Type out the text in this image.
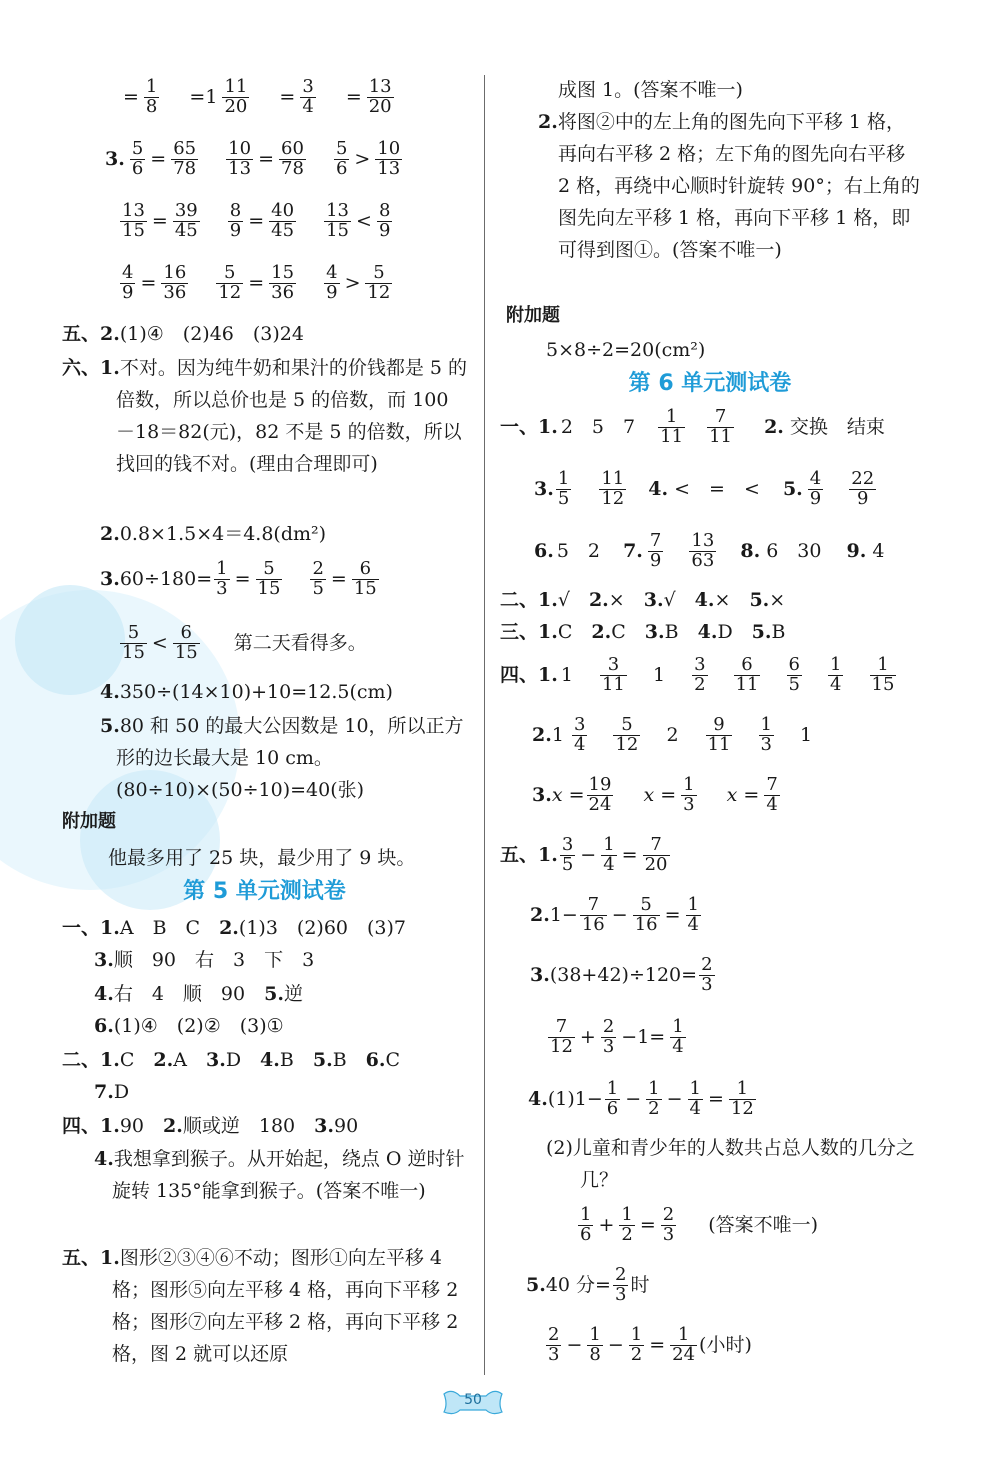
= $\frac{1}{8} =1 \frac{11}{20} = \frac{3}{4} = \frac{13}{20}$
3. $\frac{5}{6} = \frac{65}{78}$
$\frac{10}{13} = \frac{60}{78}$
$\frac{5}{6} > \frac{10}{13}$
$\frac{13}{15} = \frac{39}{45}$
$\frac{8}{9} = \frac{40}{45}$
$\frac{13}{15} < \frac{8}{9}$
$\frac{4}{9} = \frac{16}{36}$
$\frac{5}{12} = \frac{15}{36}$
$\frac{4}{9} > \frac{5}{12}$
五、2.(1)④　(2)46　(3)24
六、1.不对。因为纯牛奶和果汁的价钱都是 5 的倍数，所以总价也是 5 的倍数，而 100－18＝82(元)，82 不是 5 的倍数，所以找回的钱不对。(理由合理即可)
2.0.8×1.5×4＝4.8(dm²)
$3.60\div 180= \frac{1}{3} = \frac{5}{15}$
$\frac{2}{5} = \frac{6}{15}$
$\frac{5}{15} < \frac{6}{15}$ 第二天看得多。
4.350÷(14×10)+10=12.5(cm)
5.80 和 50 的最大公因数是 10，所以正方形的边长最大是 10 cm。
(80÷10)×(50÷10)=40(张)
附加题
他最多用了 25 块，最少用了 9 块。
第 5 单元测试卷
一、1.A　B　C　2.(1)3　(2)60　(3)7
3.顺　90　右　3　下　3
4.右　4　顺　90　5.逆
6.(1)④　(2)②　(3)①
二、1.C　2.A　3.D　4.B　5.B　6.C
7.D
四、1.90　2.顺或逆　180　3.90
4.我想拿到猴子。从开始起，绕点 O 逆时针旋转 135°能拿到猴子。(答案不唯一)
五、1.图形②③④⑥不动；图形①向左平移 4 格；图形⑤向左平移 4 格，再向下平移 2 格；图形⑦向左平移 2 格，再向下平移 2 格，图 2 就可以还原
成图 1。(答案不唯一)
2.将图②中的左上角的图先向下平移 1 格，再向右平移 2 格；左下角的图先向右平移 2 格，再绕中心顺时针旋转 90°；右上角的图先向左平移 1 格，再向下平移 1 格，即可得到图①。(答案不唯一)
附加题
5×8÷2=20(cm²)
第 6 单元测试卷
一、1. 2　5　$7 \frac{1}{11}$
$\frac{7}{11} 2$. 交换　结束
3. $\frac{1}{5}$
$\frac{11}{12} 4$. <　=　< 5. $\frac{4}{9}$
$\frac{22}{9}$
6. 5　2 7. $\frac{7}{9}$
$\frac{13}{63} 8$. 6　30 9. 4
二、1.√　2.×　3.√　4.×　5.×
三、1.C　2.C　3.B　4.D　5.B
四、1. $1 \frac{3}{11} 1 \frac{3}{2}$
$\frac{6}{11}$
$\frac{6}{5}$
$\frac{1}{4}$
$\frac{1}{15}$
$2.1 \frac{3}{4}$
$\frac{5}{12} 2 \frac{9}{11}$
$\frac{1}{3} 1$
$3.x = \frac{19}{24}$ $x = \frac{1}{3}$ $x = \frac{7}{4}$
五、1. $\frac{3}{5} - \frac{1}{4} = \frac{7}{20}$
$2.1- \frac{7}{16} - \frac{5}{16} = \frac{1}{4}$
$3.(38+42)\div 120= \frac{2}{3}$
$\frac{7}{12} + \frac{2}{3} -1= \frac{1}{4}$
$4.(1)1- \frac{1}{6} - \frac{1}{2} - \frac{1}{4} = \frac{1}{12}$
(2)儿童和青少年的人数共占总人数的几分之几？
$\frac{1}{6} + \frac{1}{2} = \frac{2}{3}$ (答案不唯一)
5.40 分= $\frac{2}{3}$ 时
$\frac{2}{3} - \frac{1}{8} - \frac{1}{2} = \frac{1}{24}$ (小时)
50
